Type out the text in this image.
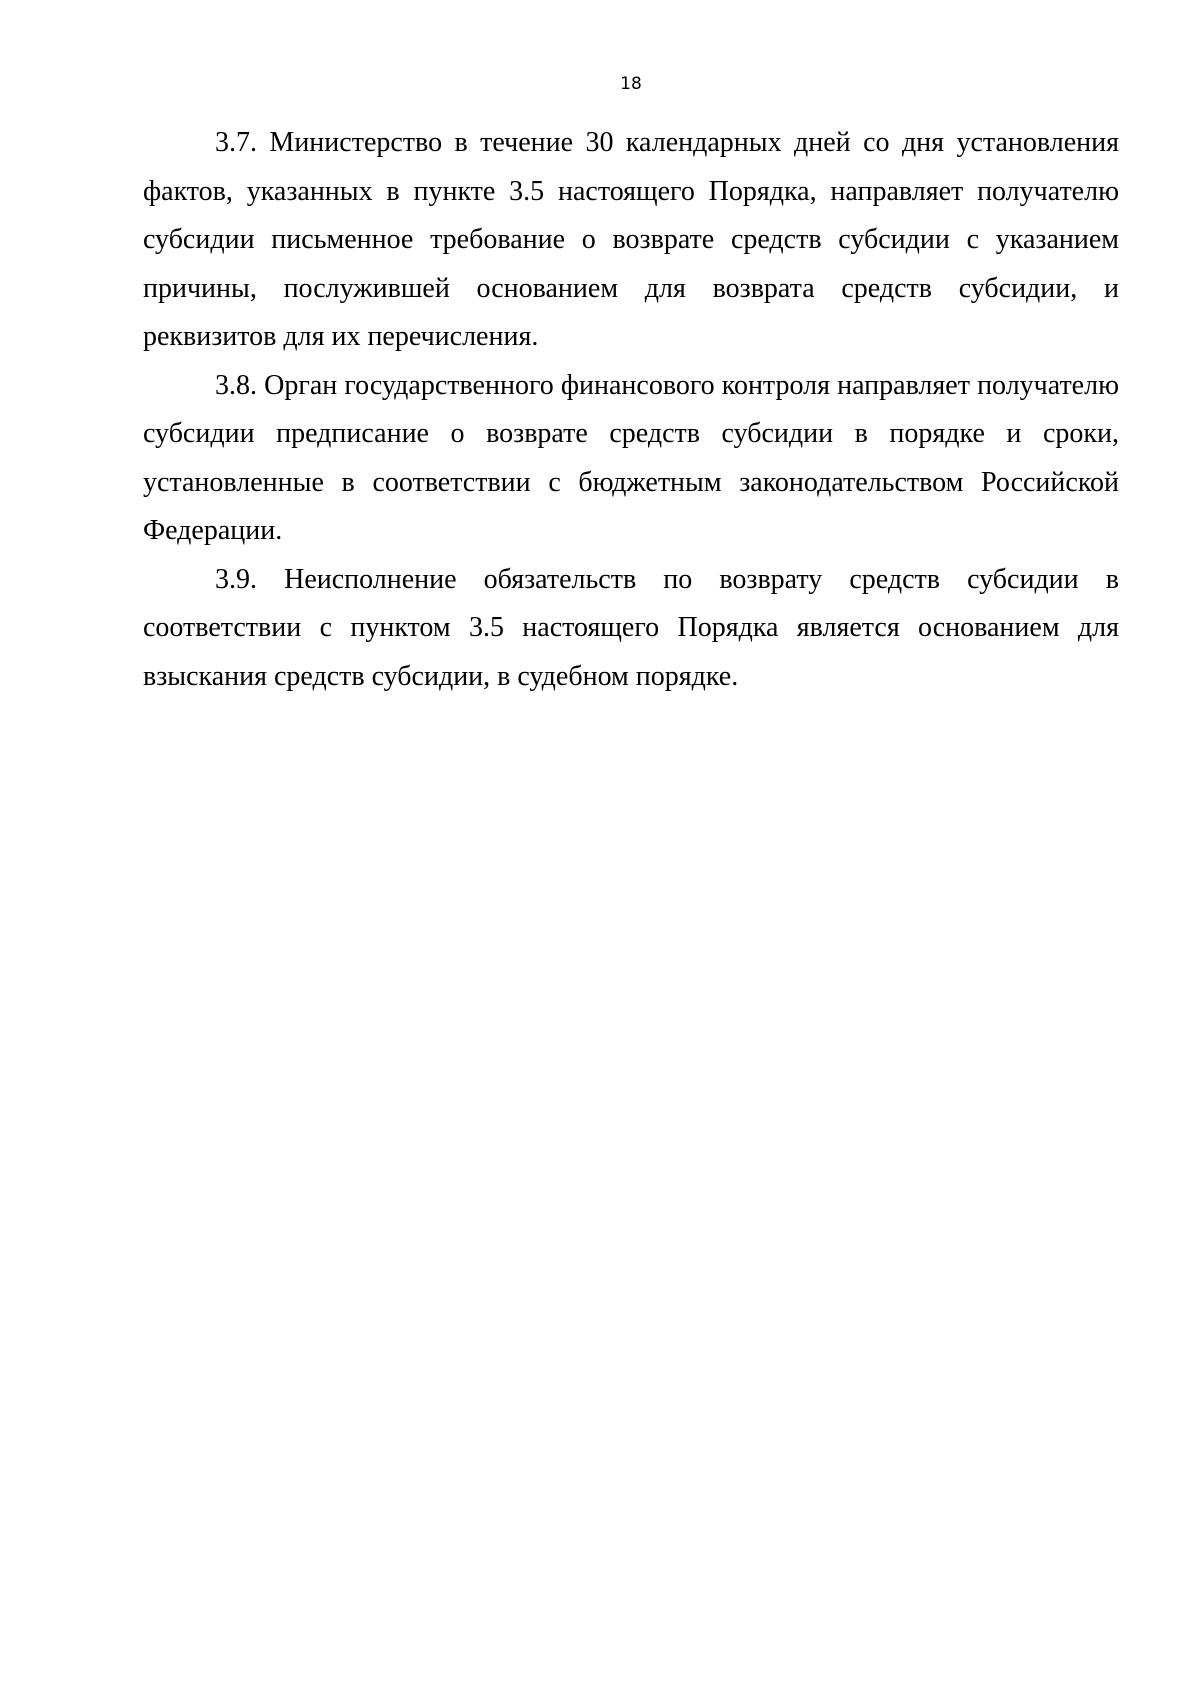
18

3.7. Министерство в течение 30 календарных дней со дня установления фактов, указанных в пункте 3.5 настоящего Порядка, направляет получателю субсидии письменное требование о возврате средств субсидии с указанием причины, послужившей основанием для возврата средств субсидии, и реквизитов для их перечисления.

3.8. Орган государственного финансового контроля направляет получателю субсидии предписание о возврате средств субсидии в порядке и сроки, установленные в соответствии с бюджетным законодательством Российской Федерации.

3.9. Неисполнение обязательств по возврату средств субсидии в соответствии с пунктом 3.5 настоящего Порядка является основанием для взыскания средств субсидии, в судебном порядке.
